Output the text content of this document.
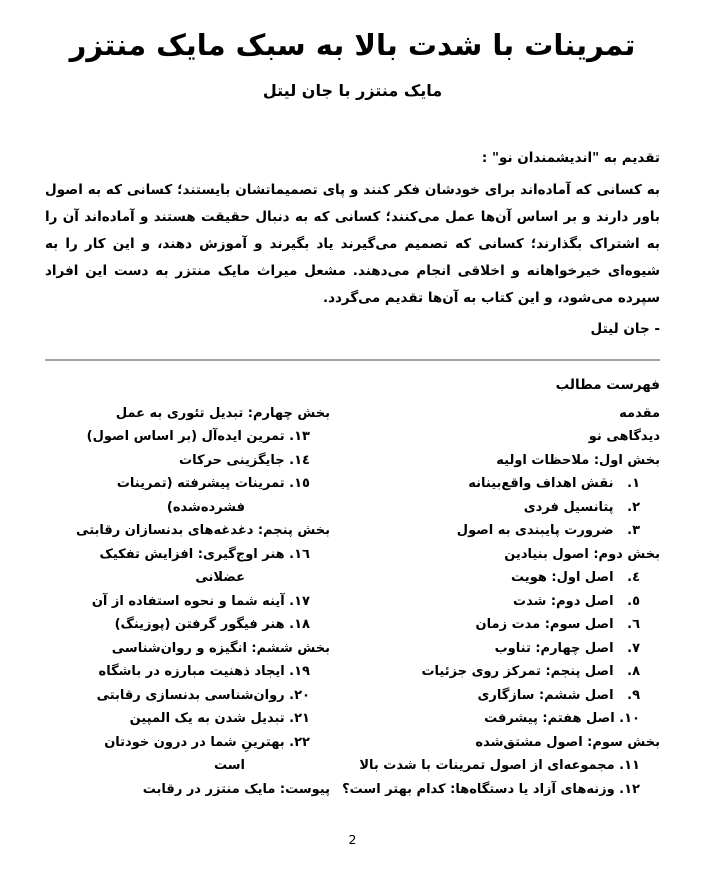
تمرینات با شدت بالا به سبک مایک منتزر
مایک منتزر با جان لیتل
تقدیم به "اندیشمندان نو" :
به کسانی که آماده‌اند برای خودشان فکر کنند و پای تصمیماتشان بایستند؛ کسانی که به اصول باور دارند و بر اساس آن‌ها عمل می‌کنند؛ کسانی که به دنبال حقیقت هستند و آماده‌اند آن را به اشتراک بگذارند؛ کسانی که تصمیم می‌گیرند یاد بگیرند و آموزش دهند، و این کار را به شیوه‌ای خیرخواهانه و اخلاقی انجام می‌دهند. مشعل میراث مایک منتزر به دست این افراد سپرده می‌شود، و این کتاب به آن‌ها تقدیم می‌گردد.
- جان لیتل
فهرست مطالب
مقدمه
دیدگاهی نو
بخش اول: ملاحظات اولیه
١.   نقش اهداف واقع‌بینانه
٢.   پتانسیل فردی
٣.   ضرورت پایبندی به اصول
بخش دوم: اصول بنیادین
٤.   اصل اول: هویت
٥.   اصل دوم: شدت
٦.   اصل سوم: مدت زمان
٧.   اصل چهارم: تناوب
٨.   اصل پنجم: تمرکز روی جزئیات
٩.   اصل ششم: سازگاری
١٠. اصل هفتم: پیشرفت
بخش سوم: اصول مشتق‌شده
١١. مجموعه‌ای از اصول تمرینات با شدت بالا
١٢. وزنه‌های آزاد یا دستگاه‌ها: کدام بهتر است؟
بخش چهارم: تبدیل تئوری به عمل
١٣. تمرین ایده‌آل (بر اساس اصول)
١٤. جایگزینی حرکات
١٥. تمرینات پیشرفته (تمرینات
فشرده‌شده)
بخش پنجم: دغدغه‌های بدنسازان رقابتی
١٦. هنر اوج‌گیری: افزایش تفکیک
عضلانی
١٧. آینه شما و نحوه استفاده از آن
١٨. هنر فیگور گرفتن (پوزینگ)
بخش ششم: انگیزه و روان‌شناسی
١٩. ایجاد ذهنیت مبارزه در باشگاه
٢٠. روان‌شناسی بدنسازی رقابتی
٢١. تبدیل شدن به یک المپین
٢٢. بهترینِ شما در درون خودتان
است
پیوست: مایک منتزر در رقابت
2
